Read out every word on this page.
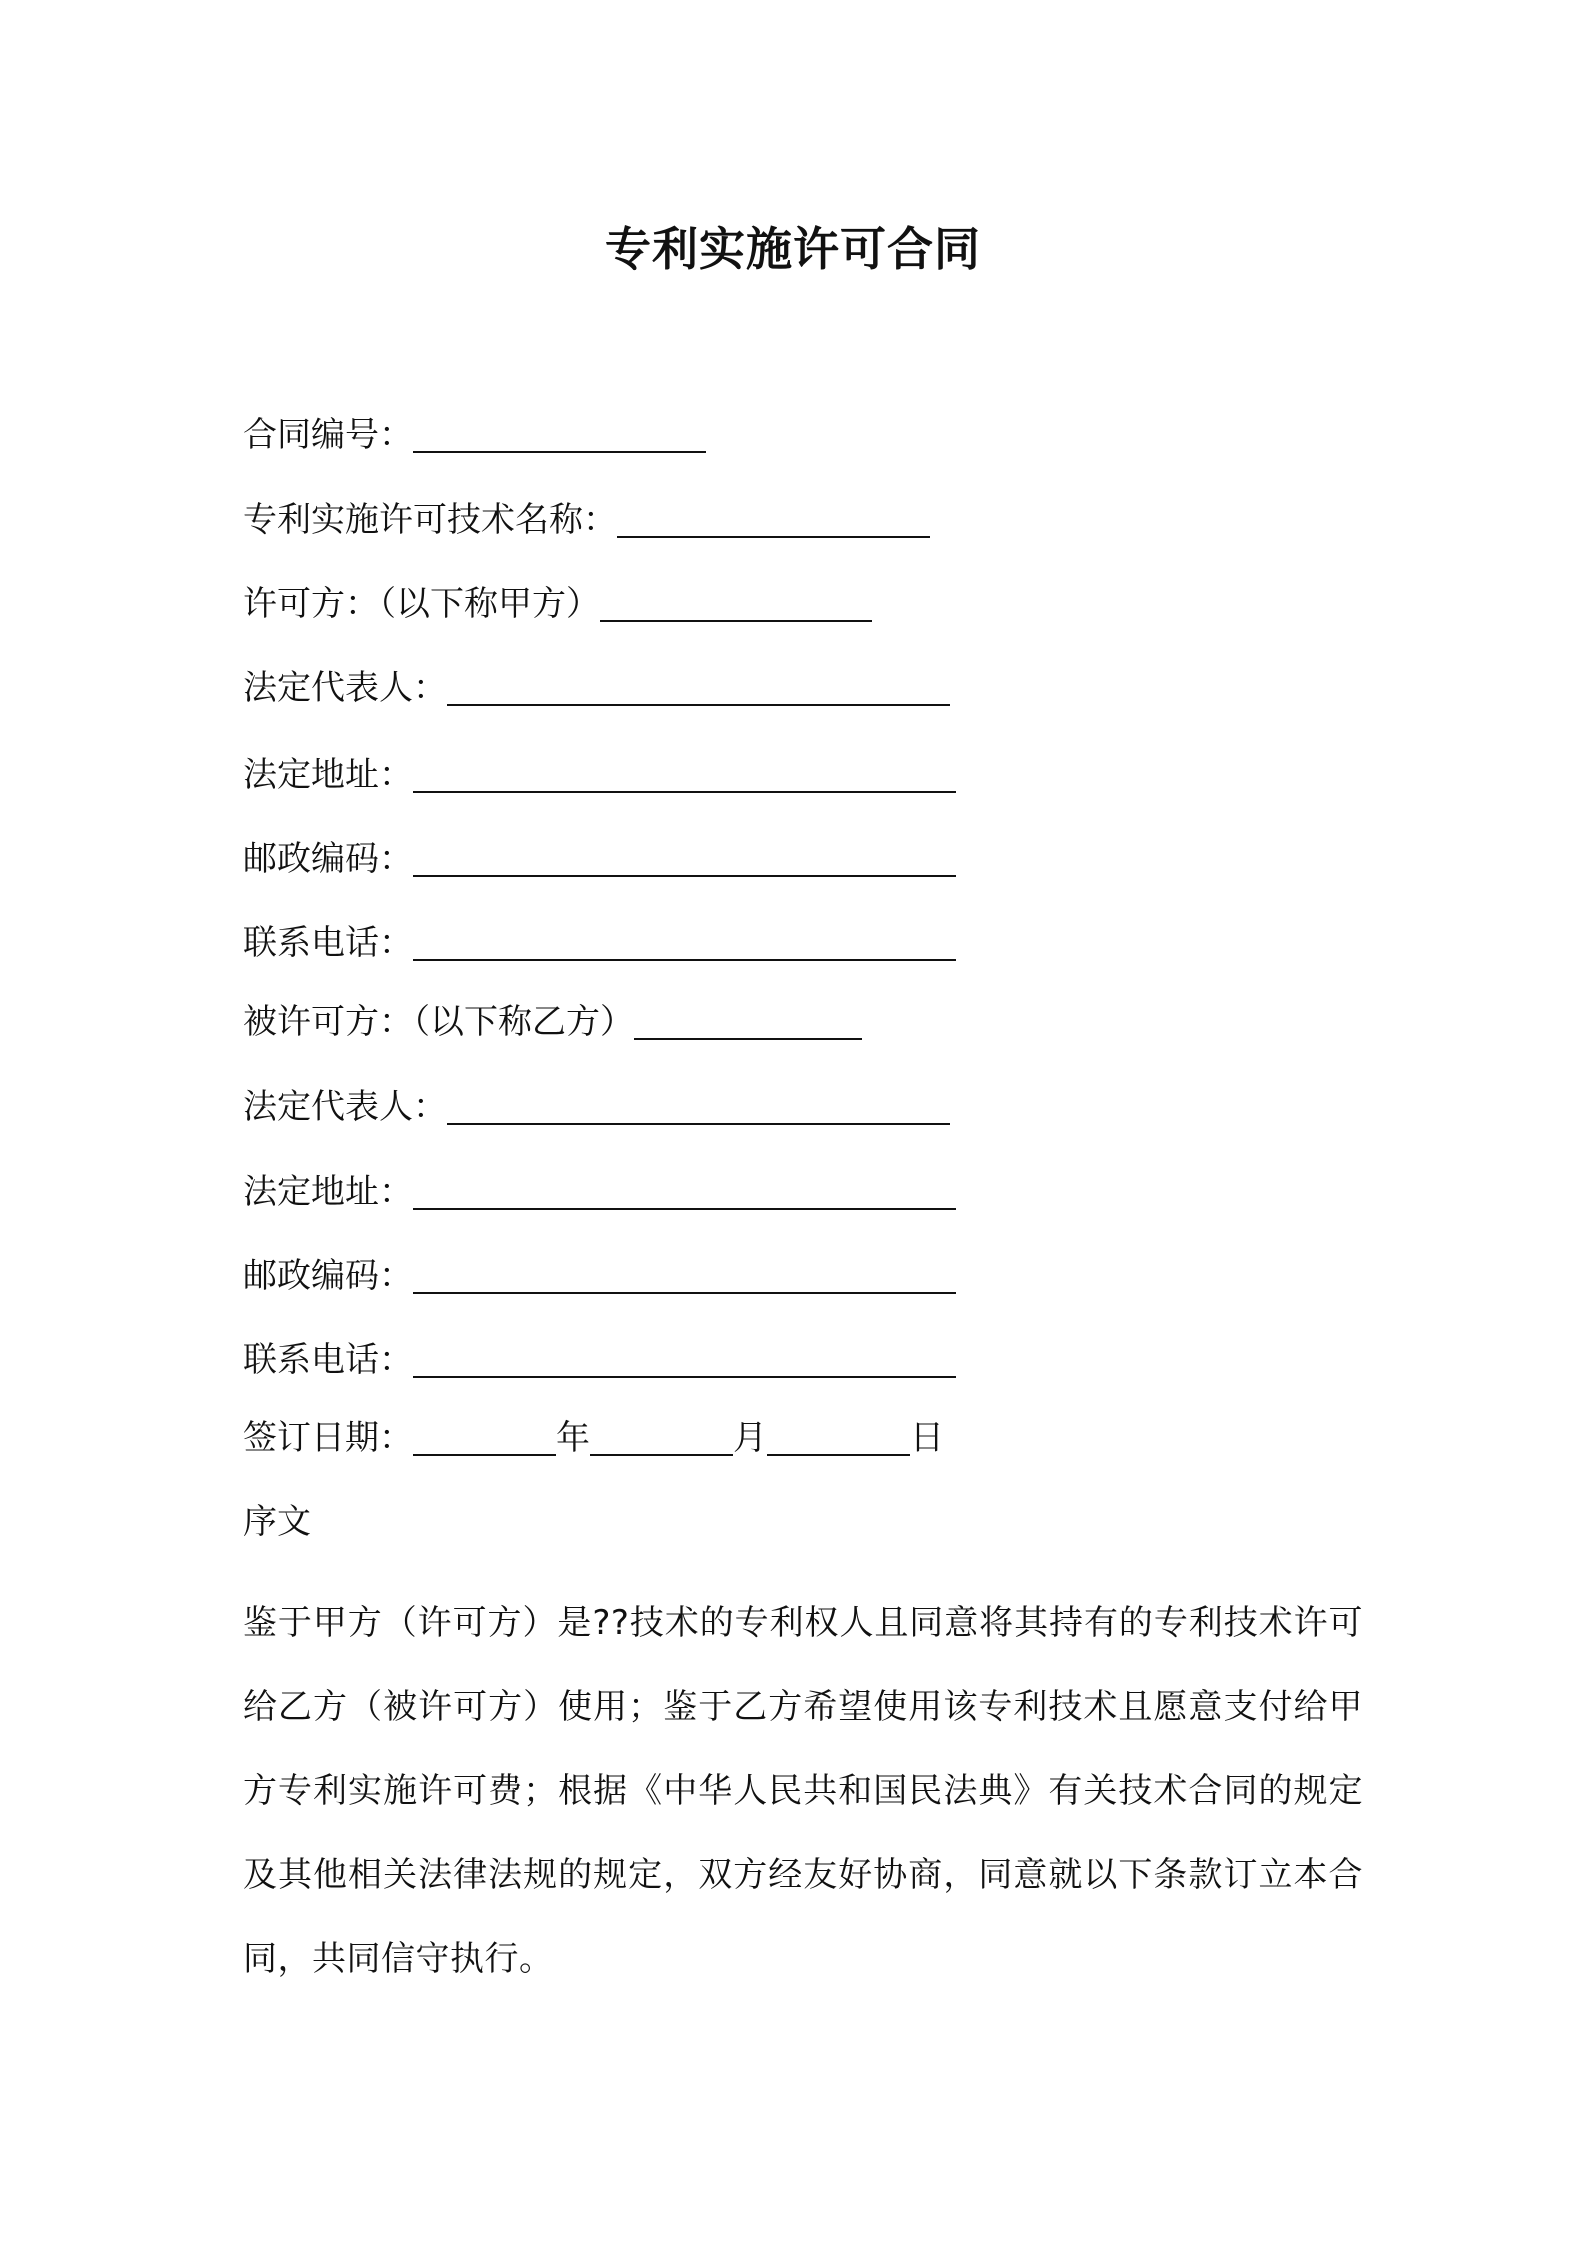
专利实施许可合同
合同编号：
专利实施许可技术名称：
许可方：（以下称甲方）
法定代表人：
法定地址：
邮政编码：
联系电话：
被许可方：（以下称乙方）
法定代表人：
法定地址：
邮政编码：
联系电话：
签订日期：	年	月	日
序文
鉴于甲方（许可方）是??技术的专利权人且同意将其持有的专利技术许可给乙方（被许可方）使用；鉴于乙方希望使用该专利技术且愿意支付给甲方专利实施许可费；根据《中华人民共和国民法典》有关技术合同的规定及其他相关法律法规的规定，双方经友好协商，同意就以下条款订立本合同，共同信守执行。
